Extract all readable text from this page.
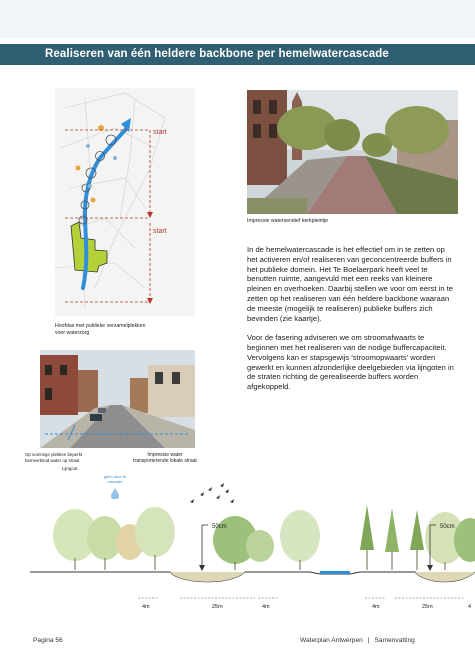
Realiseren van één heldere backbone per hemelwatercascade
start
start
Hoofdas met publieke verzamelplekken voor waterzorg
Impressie waterserstief kerkpleintje
Op sommige plekken beperkt bemeerbleid water op straat
Lijngoot
Impressie water transporterende lokale straat
geen door te cascade

In de hemelwatercascade is het effectief om in te zetten op het activeren en/of realiseren van geconcentreerde buffers in het publieke domein. Het Te Boelaerpark heeft veel te benutten ruimte, aangevuld met een reeks van kleinere pleinen en overhoeken. Daarbij stellen we voor om eerst in te zetten op het realiseren van één heldere backbone waaraan de meeste (mogelijk te realiseren) publieke buffers zich bevinden (zie kaartje).

Voor de fasering adviseren we om stroomafwaarts te beginnen met het realiseren van de nodige buffercapaciteit. Vervolgens kan er stapsgewijs 'stroomopwaarts' worden gewerkt en kunnen afzonderlijke deelgebieden via lijngoten in de straten richting de gerealiseerde buffers worden afgekoppeld.

50cm	50cm
4m	25m	4m	4m	25m	4
Pagina 56	Waterplan Antwerpen | Samenvatting
